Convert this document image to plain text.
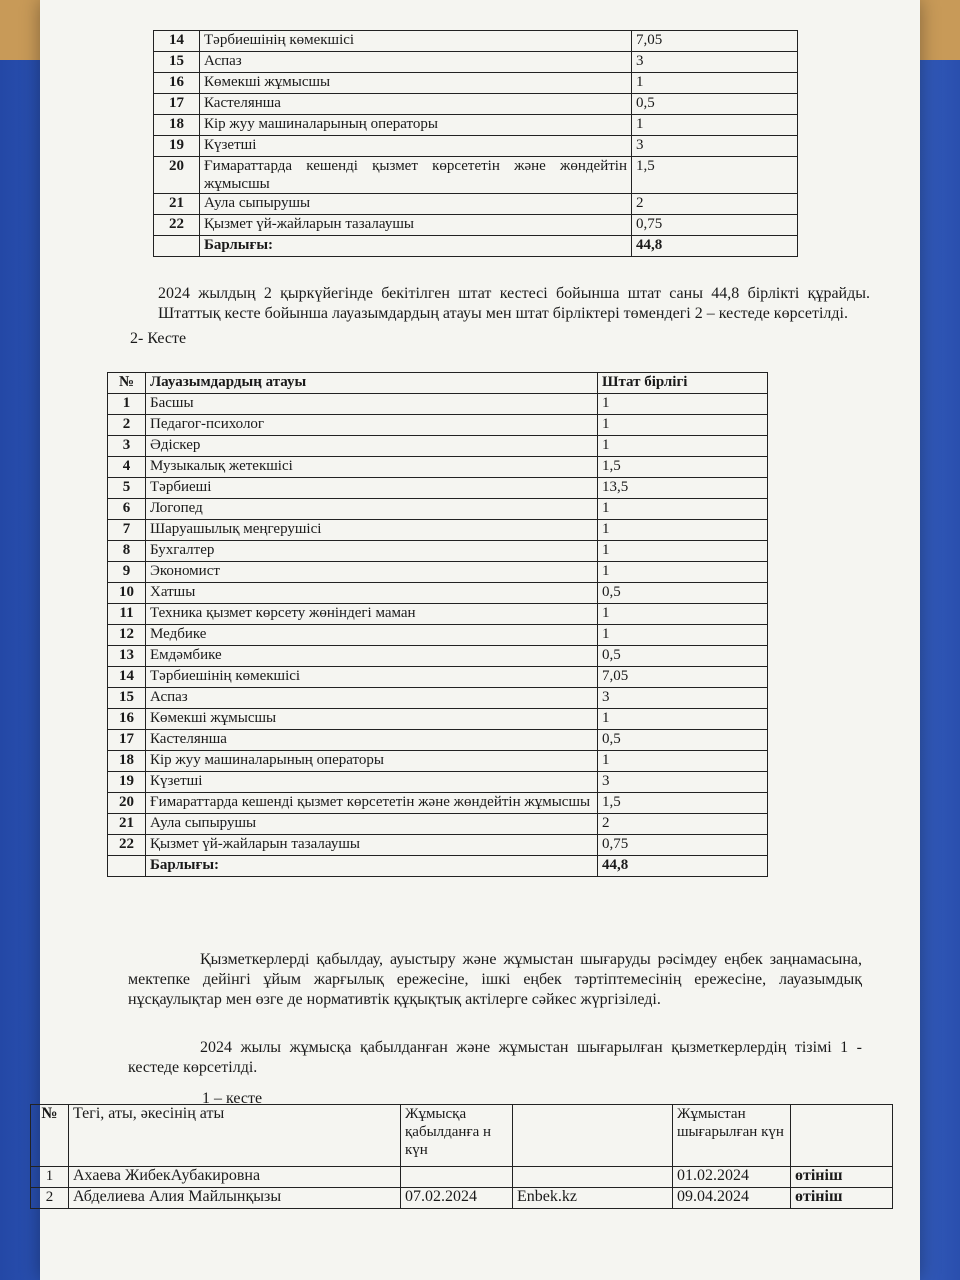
14	Тәрбиешінің көмекшісі	7,05
15	Аспаз	3
16	Көмекші жұмысшы	1
17	Кастелянша	0,5
18	Кір жуу машиналарының операторы	1
19	Күзетші	3
20	Ғимараттарда кешенді қызмет көрсететін және жөндейтін жұмысшы	1,5
21	Аула сыпырушы	2
22	Қызмет үй-жайларын тазалаушы	0,75
	Барлығы:	44,8

2024 жылдың 2 қыркүйегінде бекітілген штат кестесі бойынша штат саны 44,8 бірлікті құрайды. Штаттық кесте бойынша лауазымдардың атауы мен штат бірліктері төмендегі 2 – кестеде көрсетілді.

2- Кесте
№	Лауазымдардың атауы	Штат бірлігі
1	Басшы	1
2	Педагог-психолог	1
3	Әдіскер	1
4	Музыкалық жетекшісі	1,5
5	Тәрбиеші	13,5
6	Логопед	1
7	Шаруашылық меңгерушісі	1
8	Бухгалтер	1
9	Экономист	1
10	Хатшы	0,5
11	Техника қызмет көрсету жөніндегі маман	1
12	Медбике	1
13	Емдәмбике	0,5
14	Тәрбиешінің көмекшісі	7,05
15	Аспаз	3
16	Көмекші жұмысшы	1
17	Кастелянша	0,5
18	Кір жуу машиналарының операторы	1
19	Күзетші	3
20	Ғимараттарда кешенді қызмет көрсететін және жөндейтін жұмысшы	1,5
21	Аула сыпырушы	2
22	Қызмет үй-жайларын тазалаушы	0,75
	Барлығы:	44,8

Қызметкерлерді қабылдау, ауыстыру және жұмыстан шығаруды рәсімдеу еңбек заңнамасына, мектепке дейінгі ұйым жарғылық ережесіне, ішкі еңбек тәртіптемесінің ережесіне, лауазымдық нұсқаулықтар мен өзге де нормативтік құқықтық актілерге сәйкес жүргізіледі.

2024 жылы жұмысқа қабылданған және жұмыстан шығарылған қызметкерлердің тізімі 1 - кестеде көрсетілді.

1 – кесте
№	Тегі, аты, әкесінің аты	Жұмысқа қабылданға н күн		Жұмыстан шығарылған күн	
1	Ахаева ЖибекАубакировна			01.02.2024	өтініш
2	Абделиева Алия Майлынқызы	07.02.2024	Enbek.kz	09.04.2024	өтініш
